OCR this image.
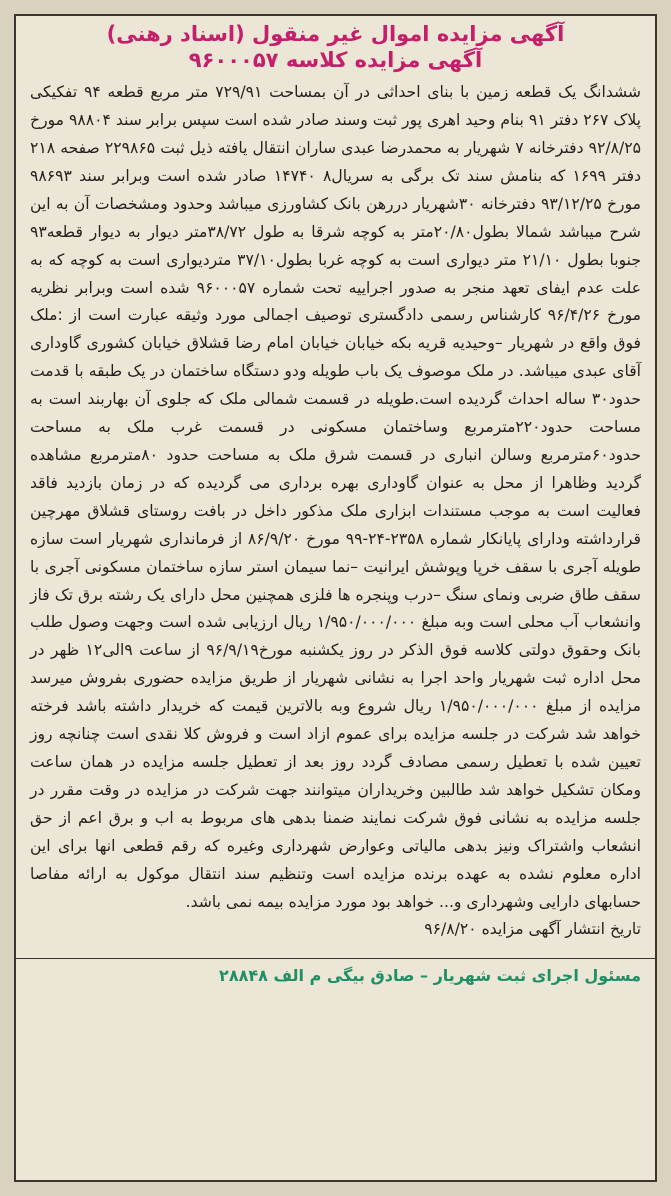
آگهی مزایده اموال غیر منقول (اسناد رهنی)
آگهی مزایده کلاسه ۹۶۰۰۰۵۷

ششدانگ یک قطعه زمین با بنای احداثی در آن بمساحت ۷۲۹/۹۱ متر مربع قطعه ۹۴ تفکیکی پلاک ۲۶۷ دفتر ۹۱ بنام وحید اهری پور ثبت وسند صادر شده است سپس برابر سند ۹۸۸۰۴ مورخ ۹۲/۸/۲۵ دفترخانه ۷ شهریار به محمدرضا عبدی ساران انتقال یافته ذیل ثبت ۲۲۹۸۶۵ صفحه ۲۱۸ دفتر ۱۶۹۹ که بنامش سند تک برگی به سریال۸ ۱۴۷۴۰ صادر شده است وبرابر سند ۹۸۶۹۳ مورخ ۹۳/۱۲/۲۵ دفترخانه ۳۰شهریار دررهن بانک کشاورزی میباشد وحدود ومشخصات آن به این شرح میباشد شمالا بطول۲۰/۸۰متر به کوچه شرقا به طول ۳۸/۷۲متر دیوار به دیوار قطعه۹۳ جنوبا بطول ۲۱/۱۰ متر دیواری است به کوچه غربا بطول۳۷/۱۰ متردیواری است به کوچه که به علت عدم ایفای تعهد منجر به صدور اجراییه تحت شماره ۹۶۰۰۰۵۷ شده است وبرابر نظریه مورخ ۹۶/۴/۲۶ کارشناس رسمی دادگستری توصیف اجمالی مورد وثیقه عبارت است از :ملک فوق واقع در شهریار –وحیدیه قریه بکه خیابان خیابان امام رضا قشلاق خیابان کشوری گاوداری آقای عبدی میباشد. در ملک موصوف یک باب طویله ودو دستگاه ساختمان در یک طبقه با قدمت حدود۳۰ ساله احداث گردیده است.طویله در قسمت شمالی ملک که جلوی آن بهاربند است به مساحت حدود۲۲۰مترمربع وساختمان مسکونی در قسمت غرب ملک به مساحت حدود۶۰مترمربع وسالن انباری در قسمت شرق ملک به مساحت حدود ۸۰مترمربع مشاهده گردید وظاهرا از محل به عنوان گاوداری بهره برداری می گردیده که در زمان بازدید فاقد فعالیت است به موجب مستندات ابزاری ملک مذکور داخل در بافت روستای قشلاق مهرچین قرارداشته ودارای پایانکار شماره ۲۳۵۸-۲۴-۹۹ مورخ ۸۶/۹/۲۰ از فرمانداری شهریار است سازه طویله آجری با سقف خرپا وپوشش ایرانیت –نما سیمان استر سازه ساختمان مسکونی آجری با سقف طاق ضربی ونمای سنگ –درب وپنجره ها فلزی همچنین محل دارای یک رشته برق تک فاز وانشعاب آب محلی است وبه مبلغ ۱/۹۵۰/۰۰۰/۰۰۰ ریال ارزیابی شده است وجهت وصول طلب بانک وحقوق دولتی کلاسه فوق الذکر در روز یکشنبه مورخ۹۶/۹/۱۹ از ساعت ۹الی۱۲ ظهر در محل اداره ثبت شهریار واحد اجرا به نشانی شهریار از طریق مزایده حضوری بفروش میرسد مزایده از مبلغ ۱/۹۵۰/۰۰۰/۰۰۰ ریال شروع وبه بالاترین قیمت که خریدار داشته باشد فرخته خواهد شد شرکت در جلسه مزایده برای عموم ازاد است و فروش کلا نقدی است چنانچه روز تعیین شده با تعطیل رسمی مصادف گردد روز بعد از تعطیل جلسه مزایده در همان ساعت ومکان تشکیل خواهد شد طالبین وخریداران میتوانند جهت شرکت در مزایده در وقت مقرر در جلسه مزایده به نشانی فوق شرکت نمایند ضمنا بدهی های مربوط به اب و برق اعم از حق انشعاب واشتراک ونیز بدهی مالیاتی وعوارض شهرداری وغیره که رقم قطعی انها برای این اداره معلوم نشده به عهده برنده مزایده است وتنظیم سند انتقال موکول به ارائه مفاصا حسابهای دارایی وشهرداری و... خواهد بود مورد مزایده بیمه نمی باشد.

تاریخ انتشار آگهی مزایده ۹۶/۸/۲۰

مسئول اجرای ثبت شهریار – صادق بیگی م الف ۲۸۸۴۸
